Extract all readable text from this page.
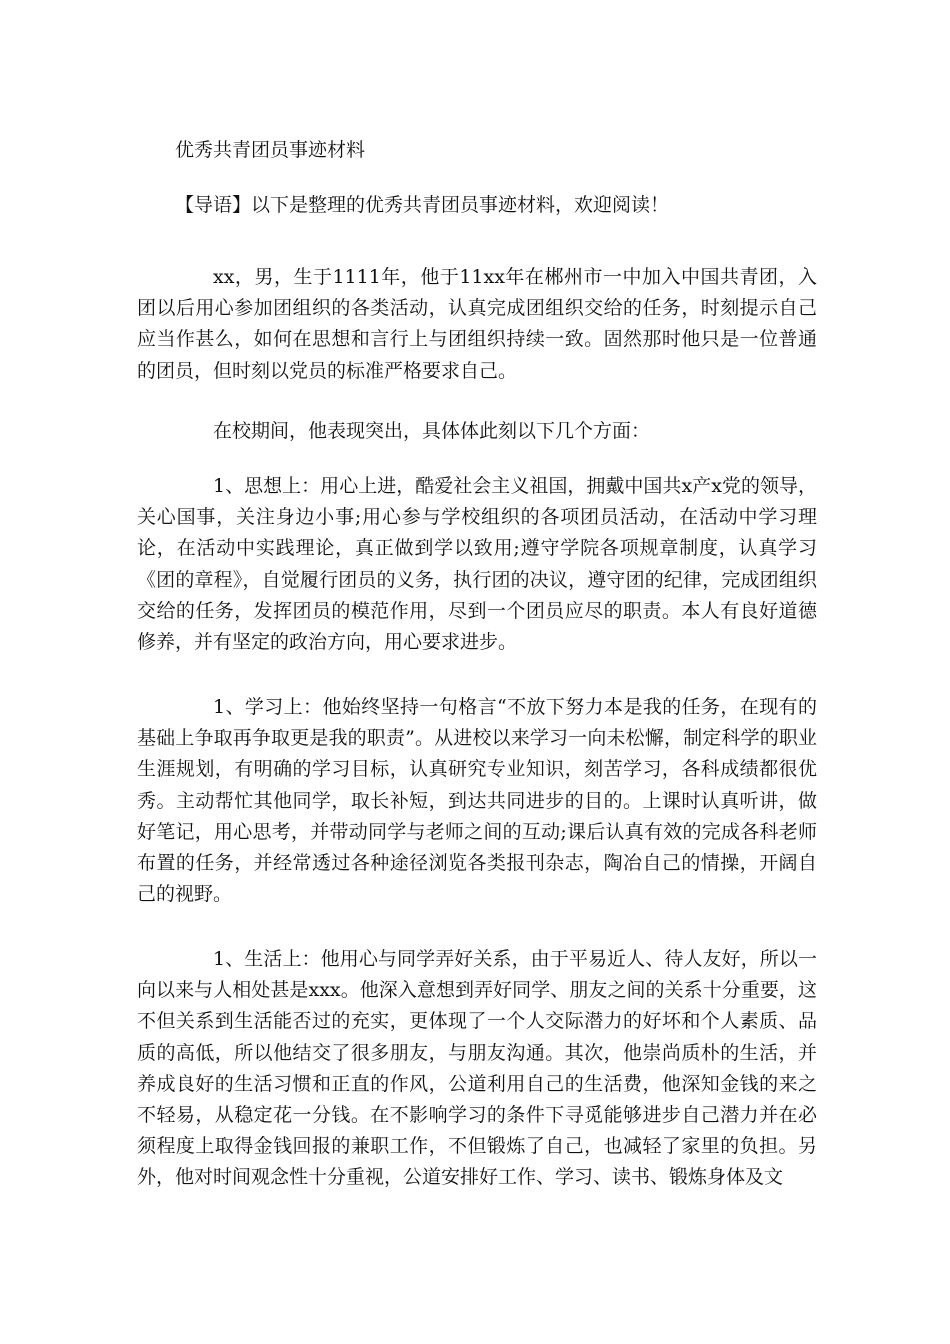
优秀共青团员事迹材料
【导语】以下是整理的优秀共青团员事迹材料，欢迎阅读！

xx，男，生于1111年，他于11xx年在郴州市一中加入中国共青团，入团以后用心参加团组织的各类活动，认真完成团组织交给的任务，时刻提示自己应当作甚么，如何在思想和言行上与团组织持续一致。固然那时他只是一位普通的团员，但时刻以党员的标准严格要求自己。

在校期间，他表现突出，具体体此刻以下几个方面：

1、思想上：用心上进，酷爱社会主义祖国，拥戴中国共x产x党的领导，关心国事，关注身边小事;用心参与学校组织的各项团员活动，在活动中学习理论，在活动中实践理论，真正做到学以致用;遵守学院各项规章制度，认真学习《团的章程》，自觉履行团员的义务，执行团的决议，遵守团的纪律，完成团组织交给的任务，发挥团员的模范作用，尽到一个团员应尽的职责。本人有良好道德修养，并有坚定的政治方向，用心要求进步。

1、学习上：他始终坚持一句格言“不放下努力本是我的任务，在现有的基础上争取再争取更是我的职责”。从进校以来学习一向未松懈，制定科学的职业生涯规划，有明确的学习目标，认真研究专业知识，刻苦学习，各科成绩都很优秀。主动帮忙其他同学，取长补短，到达共同进步的目的。上课时认真听讲，做好笔记，用心思考，并带动同学与老师之间的互动;课后认真有效的完成各科老师布置的任务，并经常透过各种途径浏览各类报刊杂志，陶冶自己的情操，开阔自己的视野。

1、生活上：他用心与同学弄好关系，由于平易近人、待人友好，所以一向以来与人相处甚是xxx。他深入意想到弄好同学、朋友之间的关系十分重要，这不但关系到生活能否过的充实，更体现了一个人交际潜力的好坏和个人素质、品质的高低，所以他结交了很多朋友，与朋友沟通。其次，他崇尚质朴的生活，并养成良好的生活习惯和正直的作风，公道利用自己的生活费，他深知金钱的来之不轻易，从稳定花一分钱。在不影响学习的条件下寻觅能够进步自己潜力并在必须程度上取得金钱回报的兼职工作，不但锻炼了自己，也减轻了家里的负担。另外，他对时间观念性十分重视，公道安排好工作、学习、读书、锻炼身体及文
